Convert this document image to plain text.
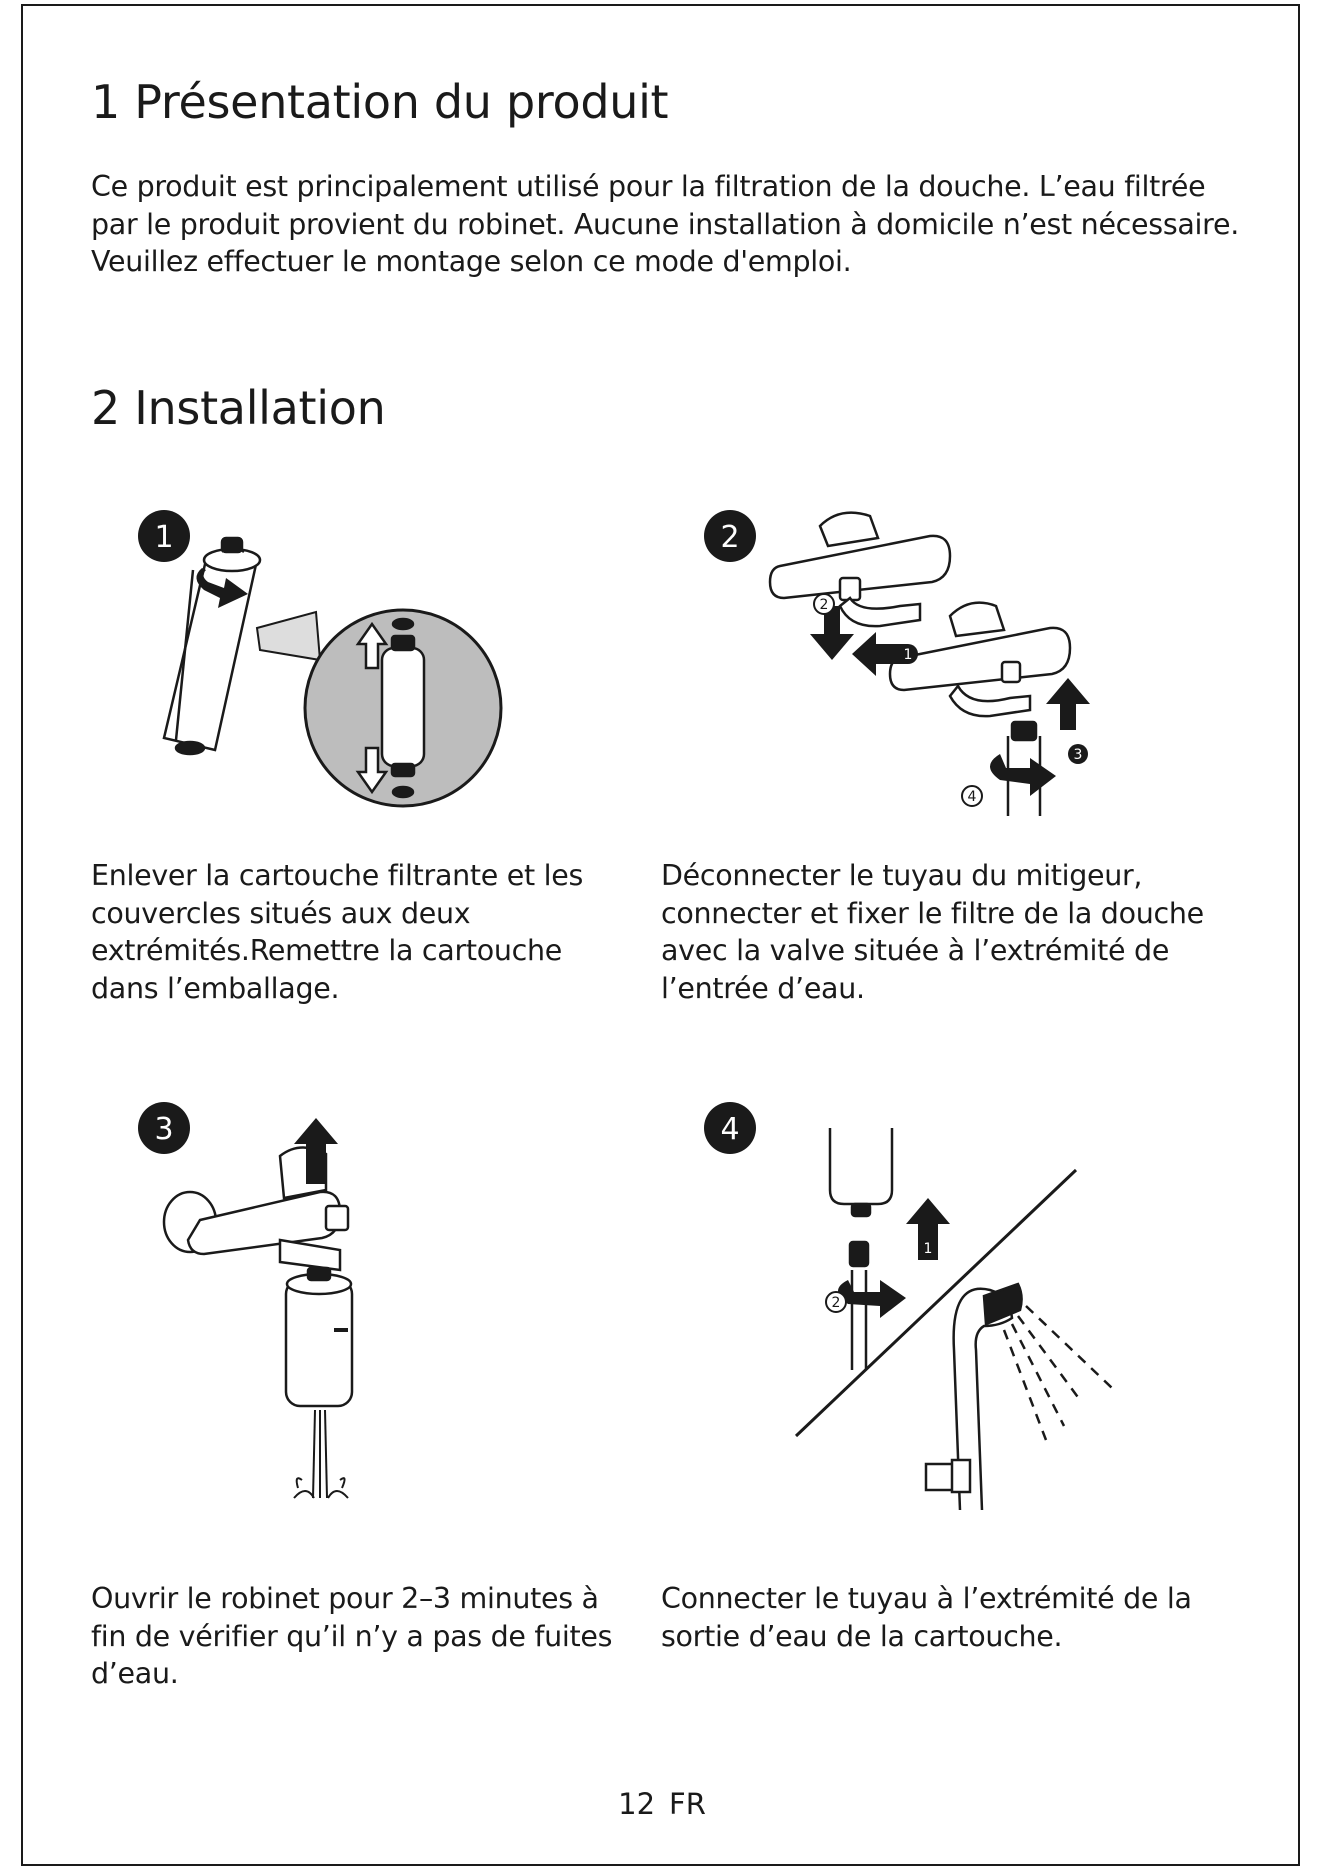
1 Présentation du produit

Ce produit est principalement utilisé pour la filtration de la douche. L’eau filtrée par le produit provient du robinet. Aucune installation à domicile n’est nécessaire. Veuillez effectuer le montage selon ce mode d'emploi.

2 Installation
1	2
1
2
3
4

Enlever la cartouche filtrante et les couvercles situés aux deux extrémités.Remettre la cartouche dans l’emballage.

Déconnecter le tuyau du mitigeur, connecter et fixer le filtre de la douche avec la valve située à l’extrémité de l’entrée d’eau.

3	4
1
2

Ouvrir le robinet pour 2–3 minutes à fin de vérifier qu’il n’y a pas de fuites d’eau.

Connecter le tuyau à l’extrémité de la sortie d’eau de la cartouche.

12 FR
